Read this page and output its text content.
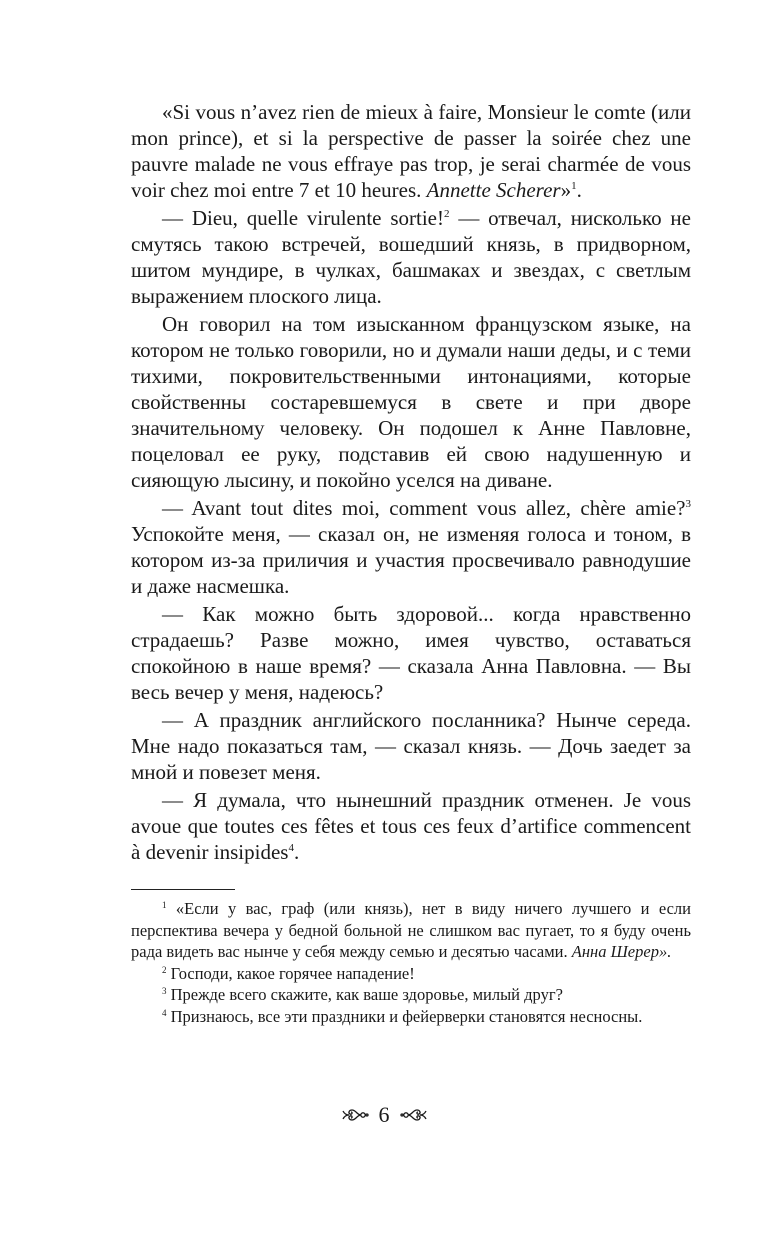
«Si vous n’avez rien de mieux à faire, Monsieur le comte (или mon prince), et si la perspective de passer la soirée chez une pauvre malade ne vous effraye pas trop, je serai charmée de vous voir chez moi entre 7 et 10 heures. Annette Scherer»$^1$.

— Dieu, quelle virulente sortie!$^2$ — отвечал, нисколько не смутясь такою встречей, вошедший князь, в придворном, шитом мундире, в чулках, башмаках и звездах, с светлым выражением плоского лица.

Он говорил на том изысканном французском языке, на котором не только говорили, но и думали наши деды, и с теми тихими, покровительственными интонациями, которые свойственны состаревшемуся в свете и при дворе значительному человеку. Он подошел к Анне Павловне, поцеловал ее руку, подставив ей свою надушенную и сияющую лысину, и покойно уселся на диване.

— Avant tout dites moi, comment vous allez, chère amie?$^3$ Успокойте меня, — сказал он, не изменяя голоса и тоном, в котором из-за приличия и участия просвечивало равнодушие и даже насмешка.

— Как можно быть здоровой... когда нравственно страдаешь? Разве можно, имея чувство, оставаться спокойною в наше время? — сказала Анна Павловна. — Вы весь вечер у меня, надеюсь?

— А праздник английского посланника? Нынче середа. Мне надо показаться там, — сказал князь. — Дочь заедет за мной и повезет меня.

— Я думала, что нынешний праздник отменен. Je vous avoue que toutes ces fêtes et tous ces feux d’artifice commencent à devenir insipides$^4$.

$^1$ «Если у вас, граф (или князь), нет в виду ничего лучшего и если перспектива вечера у бедной больной не слишком вас пугает, то я буду очень рада видеть вас нынче у себя между семью и десятью часами. Анна Шерер».

$^2$ Господи, какое горячее нападение!

$^3$ Прежде всего скажите, как ваше здоровье, милый друг?

$^4$ Признаюсь, все эти праздники и фейерверки становятся несносны.

6
